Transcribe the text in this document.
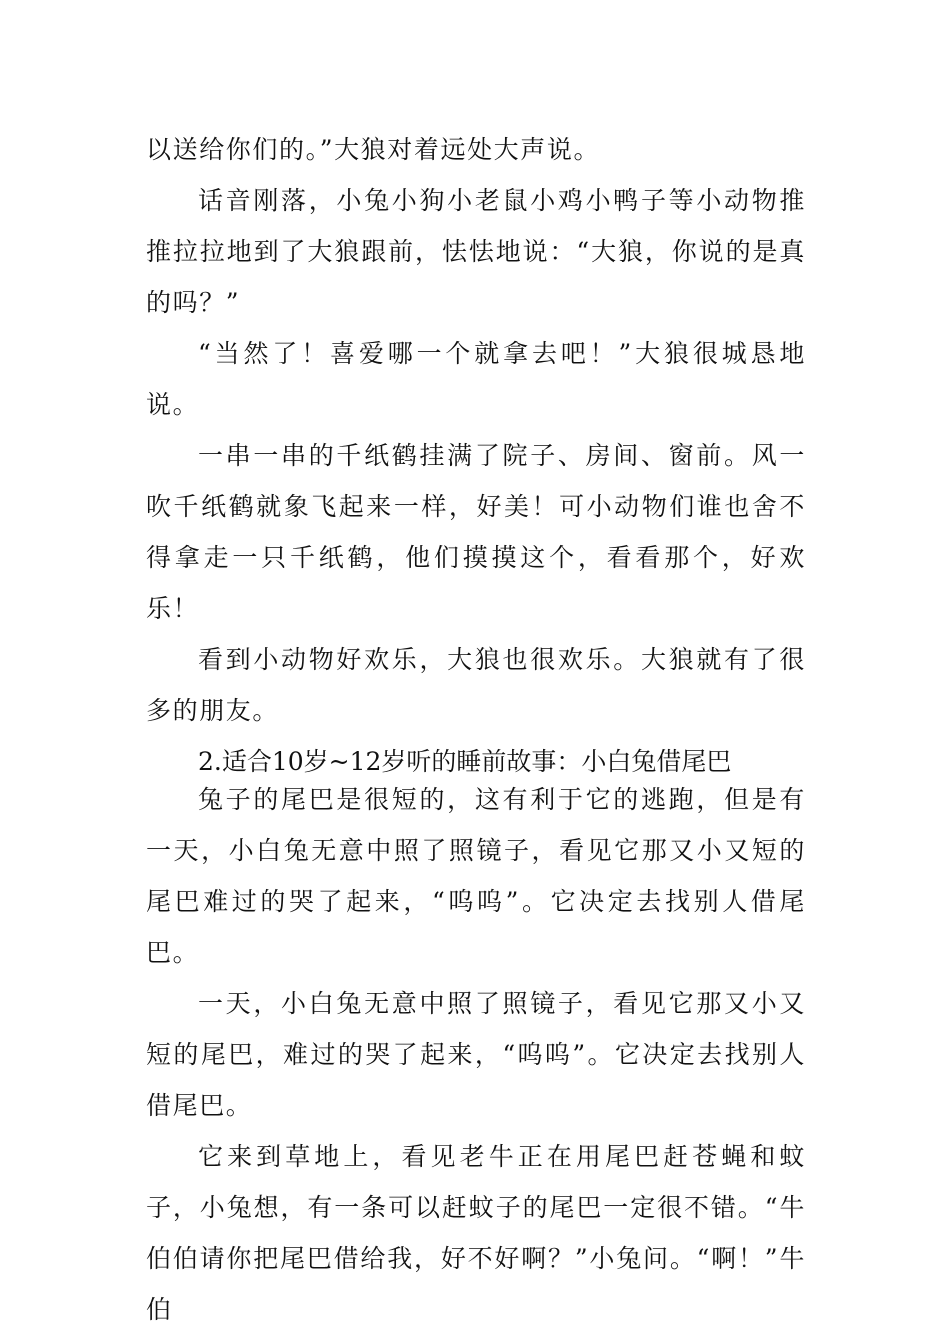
以送给你们的。”大狼对着远处大声说。

话音刚落，小兔小狗小老鼠小鸡小鸭子等小动物推推拉拉地到了大狼跟前，怯怯地说：“大狼，你说的是真的吗？”

“当然了！喜爱哪一个就拿去吧！”大狼很城恳地说。

一串一串的千纸鹤挂满了院子、房间、窗前。风一吹千纸鹤就象飞起来一样，好美！可小动物们谁也舍不得拿走一只千纸鹤，他们摸摸这个，看看那个，好欢乐！

看到小动物好欢乐，大狼也很欢乐。大狼就有了很多的朋友。

2.适合10岁~12岁听的睡前故事：小白兔借尾巴

兔子的尾巴是很短的，这有利于它的逃跑，但是有一天，小白兔无意中照了照镜子，看见它那又小又短的尾巴难过的哭了起来，“呜呜”。它决定去找别人借尾巴。

一天，小白兔无意中照了照镜子，看见它那又小又短的尾巴，难过的哭了起来，“呜呜”。它决定去找别人借尾巴。

它来到草地上，看见老牛正在用尾巴赶苍蝇和蚊子，小兔想，有一条可以赶蚊子的尾巴一定很不错。“牛伯伯请你把尾巴借给我，好不好啊？”小兔问。“啊！”牛伯
